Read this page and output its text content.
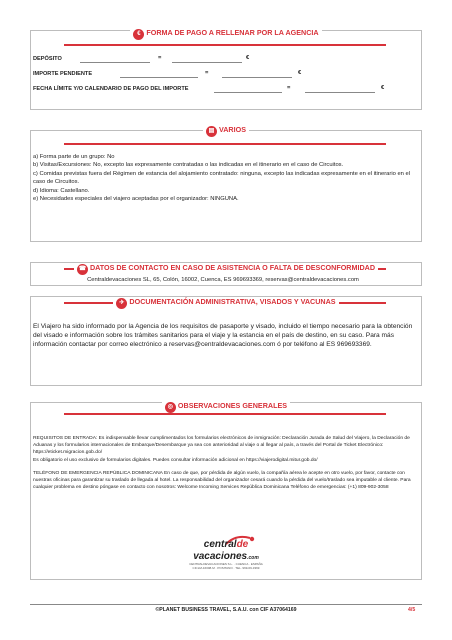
€ FORMA DE PAGO A RELLENAR POR LA AGENCIA
DEPÓSITO	=	€
IMPORTE PENDIENTE	=	€
FECHA LÍMITE Y/O CALENDARIO DE PAGO DEL IMPORTE	=	€
▤ VARIOS
a) Forma parte de un grupo: No
b) Visitas/Excursiones: No, excepto las expresamente contratadas o las indicadas en el itinerario en el caso de Circuitos.
c) Comidas previstas fuera del Régimen de estancia del alojamiento contratado: ninguna, excepto las indicadas expresamente en el itinerario en el caso de Circuitos.
d) Idioma: Castellano.
e) Necesidades especiales del viajero aceptadas por el organizador: NINGUNA.
☎ DATOS DE CONTACTO EN CASO DE ASISTENCIA O FALTA DE DESCONFORMIDAD
Centraldevacaciones SL, 65, Colón, 16002, Cuenca, ES 969693369, reservas@centraldevacaciones.com
✈ DOCUMENTACIÓN ADMINISTRATIVA, VISADOS Y VACUNAS
El Viajero ha sido informado por la Agencia de los requisitos de pasaporte y visado, incluido el tiempo necesario para la obtención del visado e información sobre los trámites sanitarios para el viaje y la estancia en el país de destino, en su caso. Para más información contactar por correo electrónico a reservas@centraldevacaciones.com ó por teléfono al ES 969693369.
◎ OBSERVACIONES GENERALES
REQUISITOS DE ENTRADA: Es indispensable llevar cumplimentados los formularios electrónicos de inmigración: Declaración Jurada de Salud del Viajero, la Declaración de Aduanas y los formularios internacionales de Embarque/Desembarque ya sea con anterioridad al viaje o al llegar al país, a través del Portal de Ticket Electrónico: https://eticket.migracion.gob.do/
Es obligatorio el uso exclusivo de formularios digitales. Puedes consultar información adicional en https://viajerodigital.mitur.gob.do/
TELÉFONO DE EMERGENCIA REPÚBLICA DOMINICANA En caso de que, por pérdida de algún vuelo, la compañía aérea le acepte en otro vuelo, por favor, contacte con nuestras oficinas para garantizar su traslado de llegada al hotel. La responsabilidad del organizador cesará cuando la pérdida del vuelo/traslado sea imputable al cliente. Para cualquier problema en destino póngase en contacto con nosotros: Welcome Incoming Services República Dominicana Teléfono de emergencias: (+1) 809-902-3058
centralde
vacaciones.com
CENTRALDEVACACIONES S.L. · CUENCA · ESPAÑA
CICLM-16008-M · POSITANO · TEL. 969-69-3369
©PLANET BUSINESS TRAVEL, S.A.U. con CIF A37064169	4/5
